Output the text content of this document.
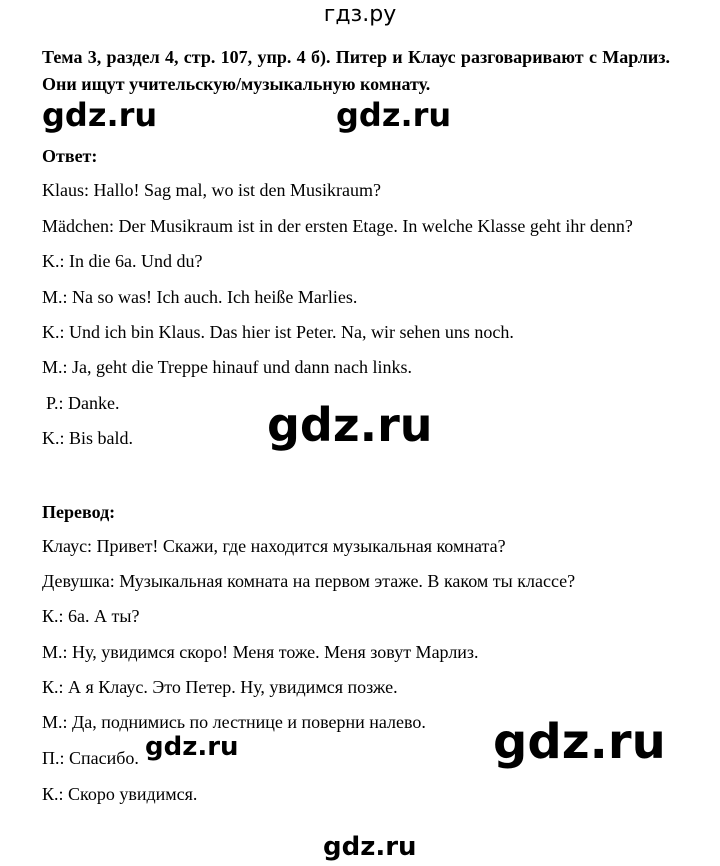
гдз.ру
Тема 3, раздел 4, стр. 107, упр. 4 б). Питер и Клаус разговаривают с Марлиз. Они ищут учительскую/музыкальную комнату.
gdz.ru	gdz.ru
Ответ:
Klaus: Hallo! Sag mal, wo ist den Musikraum?
Mädchen: Der Musikraum ist in der ersten Etage. In welche Klasse geht ihr denn?
K.: In die 6a. Und du?
M.: Na so was! Ich auch. Ich heiße Marlies.
K.: Und ich bin Klaus. Das hier ist Peter. Na, wir sehen uns noch.
M.: Ja, geht die Treppe hinauf und dann nach links.
P.: Danke.
K.: Bis bald.	gdz.ru
Перевод:
Клаус: Привет! Скажи, где находится музыкальная комната?
Девушка: Музыкальная комната на первом этаже. В каком ты классе?
К.: 6а. А ты?
М.: Ну, увидимся скоро! Меня тоже. Меня зовут Марлиз.
К.: А я Клаус. Это Петер. Ну, увидимся позже.
М.: Да, поднимись по лестнице и поверни налево.
П.: Спасибо.
К.: Скоро увидимся.
gdz.ru	gdz.ru
gdz.ru
